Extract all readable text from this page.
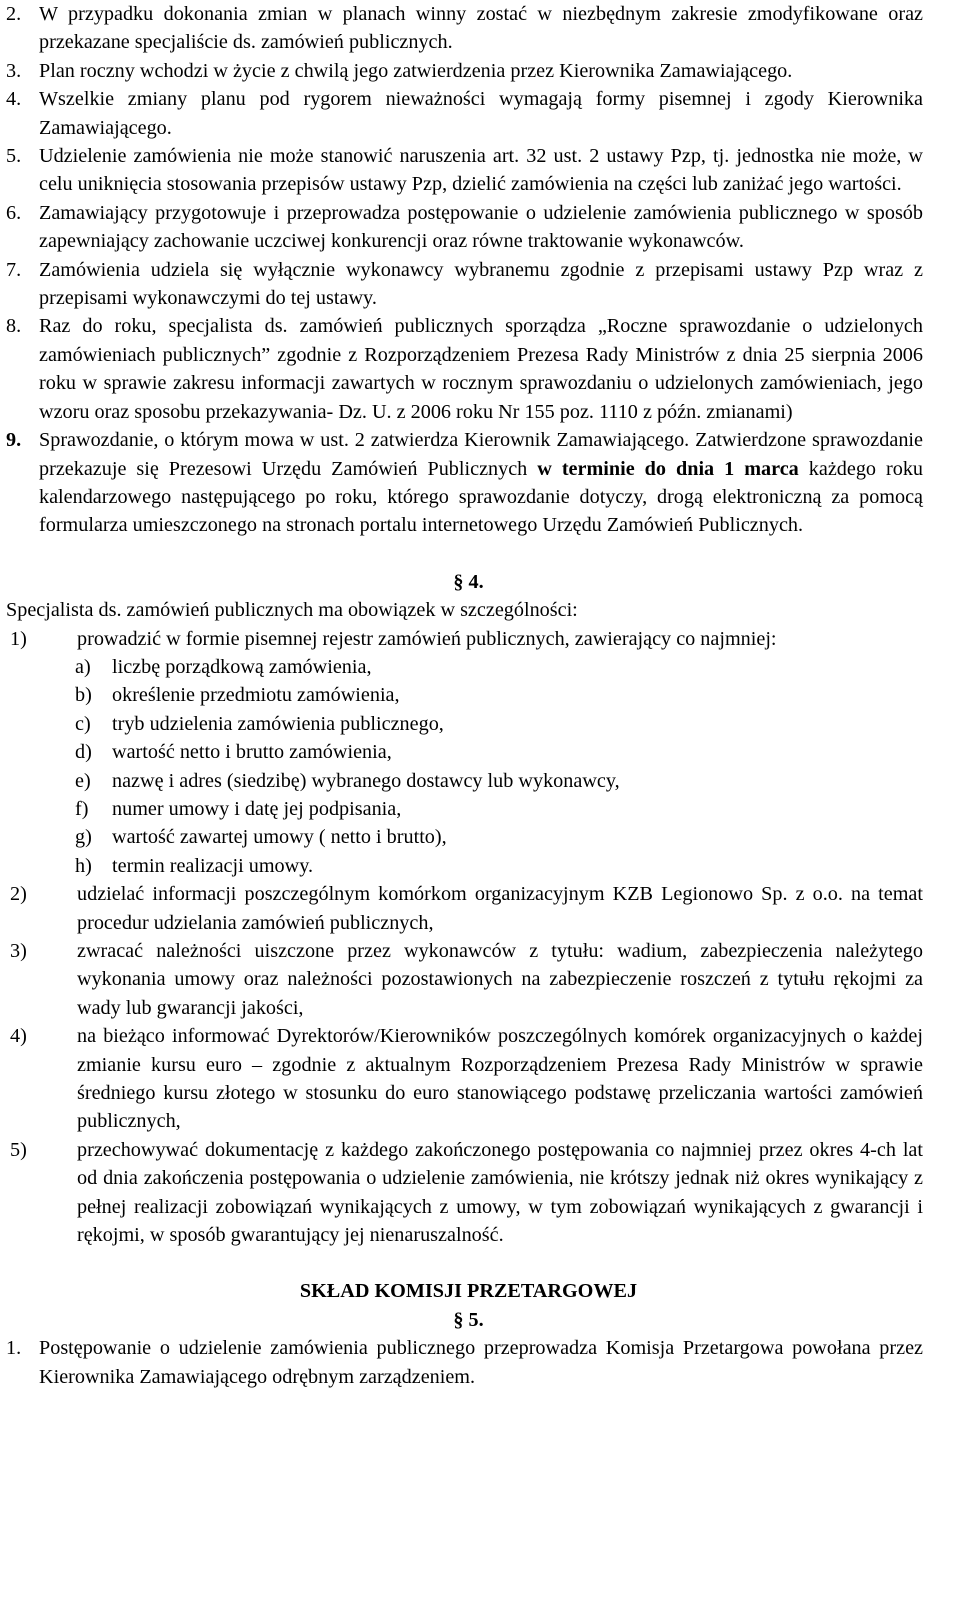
2. W przypadku dokonania zmian w planach winny zostać w niezbędnym zakresie zmodyfikowane oraz przekazane specjaliście ds. zamówień publicznych.
3. Plan roczny wchodzi w życie z chwilą jego zatwierdzenia przez Kierownika Zamawiającego.
4. Wszelkie zmiany planu pod rygorem nieważności wymagają formy pisemnej i zgody Kierownika Zamawiającego.
5. Udzielenie zamówienia nie może stanowić naruszenia art. 32 ust. 2 ustawy Pzp, tj. jednostka nie może, w celu uniknięcia stosowania przepisów ustawy Pzp, dzielić zamówienia na części lub zaniżać jego wartości.
6. Zamawiający przygotowuje i przeprowadza postępowanie o udzielenie zamówienia publicznego w sposób zapewniający zachowanie uczciwej konkurencji oraz równe traktowanie wykonawców.
7. Zamówienia udziela się wyłącznie wykonawcy wybranemu zgodnie z przepisami ustawy Pzp wraz z przepisami wykonawczymi do tej ustawy.
8. Raz do roku, specjalista ds. zamówień publicznych sporządza „Roczne sprawozdanie o udzielonych zamówieniach publicznych” zgodnie z Rozporządzeniem Prezesa Rady Ministrów z dnia 25 sierpnia 2006 roku w sprawie zakresu informacji zawartych w rocznym sprawozdaniu o udzielonych zamówieniach, jego wzoru oraz sposobu przekazywania- Dz. U. z 2006 roku Nr 155 poz. 1110 z późn. zmianami)
9. Sprawozdanie, o którym mowa w ust. 2 zatwierdza Kierownik Zamawiającego. Zatwierdzone sprawozdanie przekazuje się Prezesowi Urzędu Zamówień Publicznych w terminie do dnia 1 marca każdego roku kalendarzowego następującego po roku, którego sprawozdanie dotyczy, drogą elektroniczną za pomocą formularza umieszczonego na stronach portalu internetowego Urzędu Zamówień Publicznych.
§ 4.
Specjalista ds. zamówień publicznych ma obowiązek w szczególności:
1)	prowadzić w formie pisemnej rejestr zamówień publicznych, zawierający co najmniej:
a)	liczbę porządkową zamówienia,
b) określenie przedmiotu zamówienia,
c)	tryb udzielenia zamówienia publicznego,
d) wartość netto i brutto zamówienia,
e)	nazwę i adres (siedzibę) wybranego dostawcy lub wykonawcy,
f)	numer umowy i datę jej podpisania,
g) wartość zawartej umowy ( netto i brutto),
h) termin realizacji umowy.
2)	udzielać informacji poszczególnym komórkom organizacyjnym KZB Legionowo Sp. z o.o. na temat procedur udzielania zamówień publicznych,
3)	zwracać należności uiszczone przez wykonawców z tytułu: wadium, zabezpieczenia należytego wykonania umowy oraz należności pozostawionych na zabezpieczenie roszczeń z tytułu rękojmi za wady lub gwarancji jakości,
4)	na bieżąco informować Dyrektorów/Kierowników poszczególnych komórek organizacyjnych o każdej zmianie kursu euro – zgodnie z aktualnym Rozporządzeniem Prezesa Rady Ministrów w sprawie średniego kursu złotego w stosunku do euro stanowiącego podstawę przeliczania wartości zamówień publicznych,
5)	przechowywać dokumentację z każdego zakończonego postępowania co najmniej przez okres 4-ch lat od dnia zakończenia postępowania o udzielenie zamówienia, nie krótszy jednak niż okres wynikający z pełnej realizacji zobowiązań wynikających z umowy, w tym zobowiązań wynikających z gwarancji i rękojmi, w sposób gwarantujący jej nienaruszalność.
SKŁAD KOMISJI PRZETARGOWEJ
§ 5.
1. Postępowanie o udzielenie zamówienia publicznego przeprowadza Komisja Przetargowa powołana przez Kierownika Zamawiającego odrębnym zarządzeniem.
